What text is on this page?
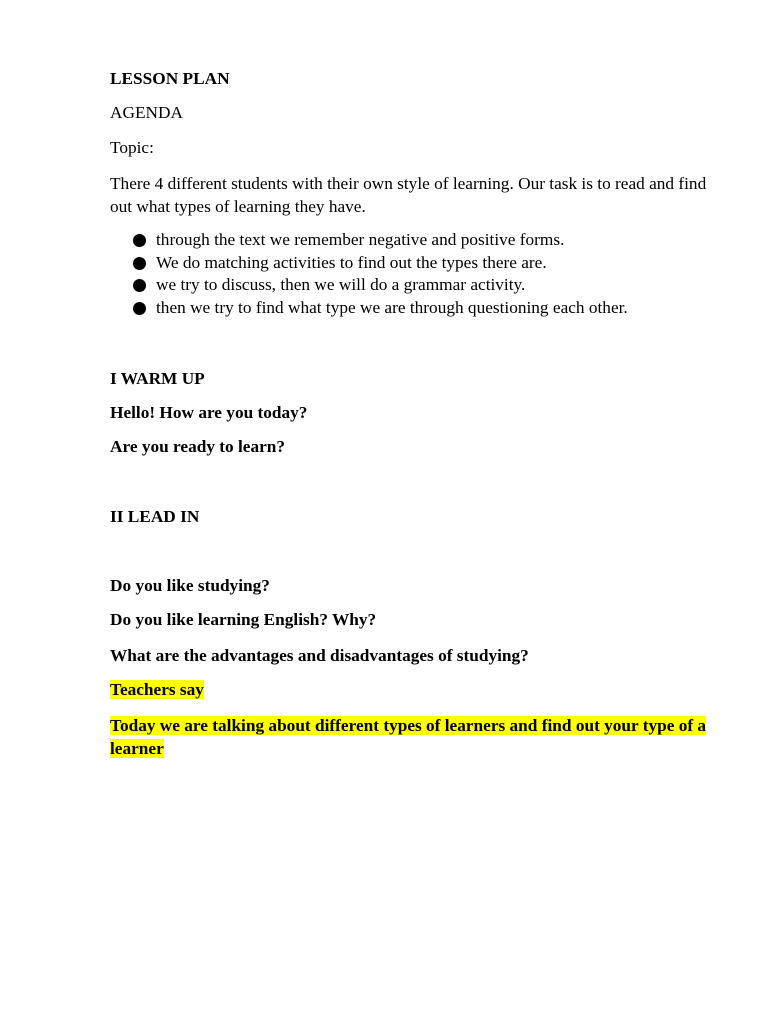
LESSON PLAN
AGENDA
Topic:
There 4 different students with their own style of learning. Our task is to read and find out what types of learning they have.
through the text we remember negative and positive forms.
We do matching activities to find out the types there are.
we try to discuss, then we will do a grammar activity.
then we try to find what type we are through questioning each other.
I WARM UP
Hello! How are you today?
Are you ready to learn?
II LEAD IN
Do you like studying?
Do you like learning English? Why?
What are the advantages and disadvantages of studying?
Teachers say
Today we are talking about different types of learners and find out your type of a learner
